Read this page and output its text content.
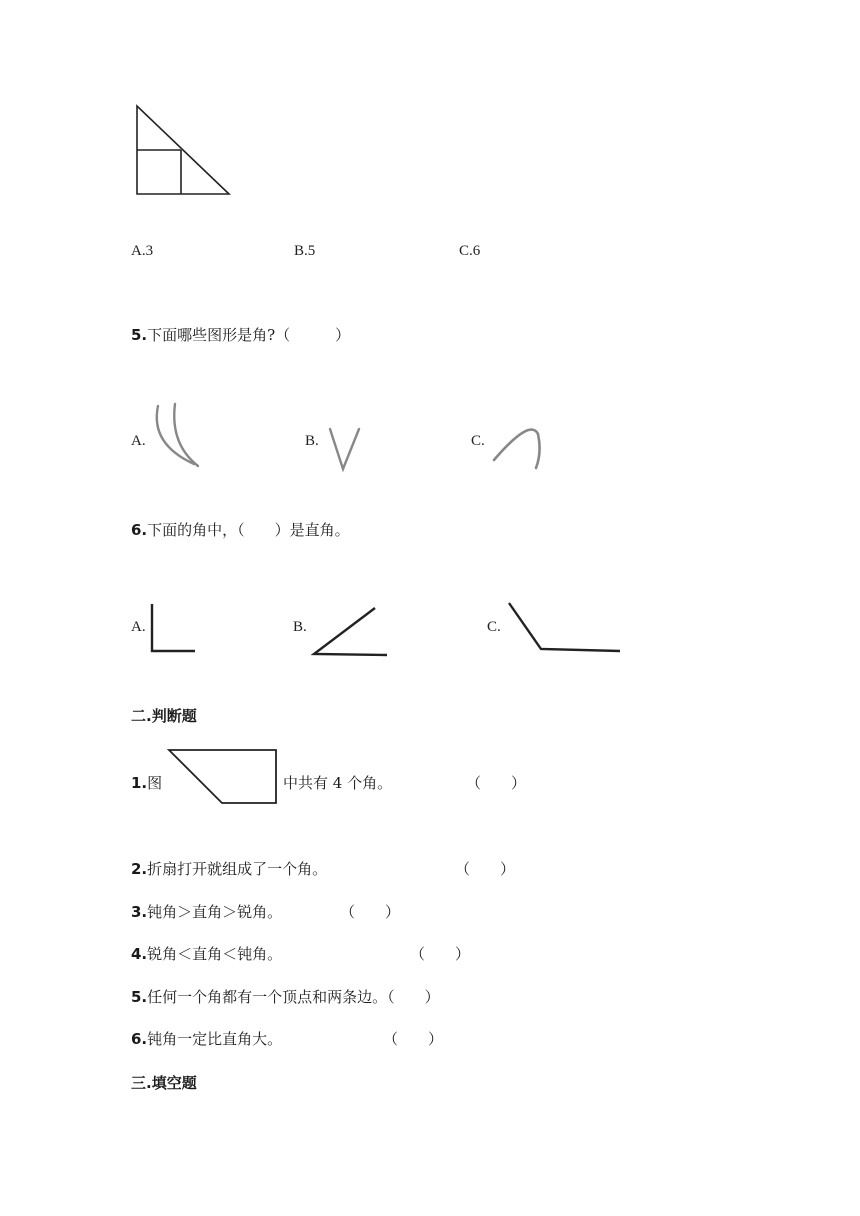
A.3	B.5	C.6
5.下面哪些图形是角?（　　　）
A.	B.	C.
6.下面的角中，（　　）是直角。
A.	B.	C.
二.判断题
1.图	中共有 4 个角。	（　　）
2.折扇打开就组成了一个角。	（　　）
3.钝角＞直角＞锐角。	（　　）
4.锐角＜直角＜钝角。	（　　）
5.任何一个角都有一个顶点和两条边。（　　）
6.钝角一定比直角大。	（　　）
三.填空题
